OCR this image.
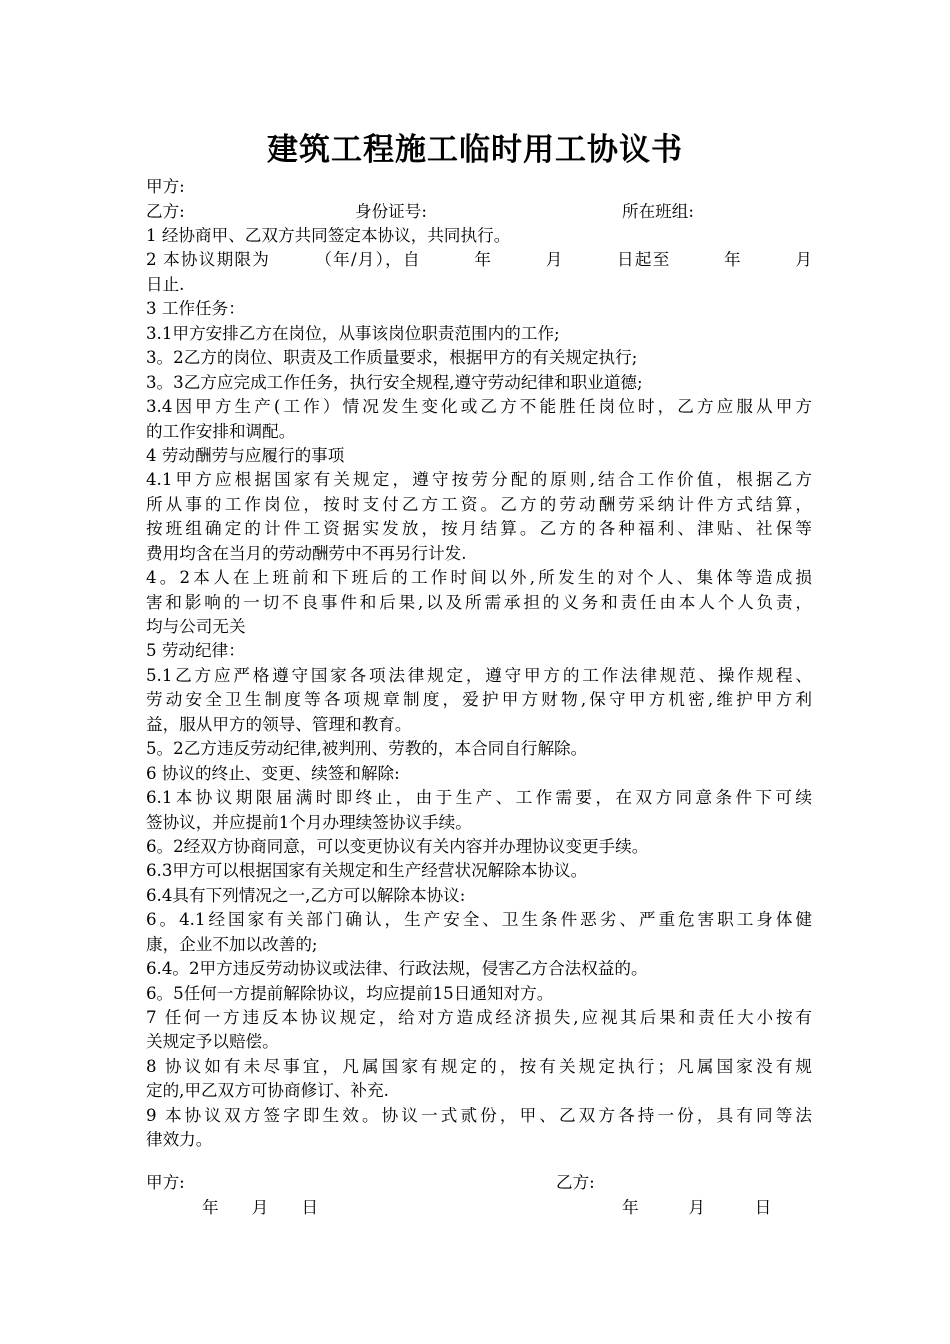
建筑工程施工临时用工协议书
甲方:
乙方:	身份证号:	所在班组:
1 经协商甲、乙双方共同签定本协议，共同执行。
2 本协议期限为　　　（年/月），自　　　年　　　月　　　日起至　　　年　　　月
日止.
3 工作任务：
3.1甲方安排乙方在岗位，从事该岗位职责范围内的工作;
3。2乙方的岗位、职责及工作质量要求，根据甲方的有关规定执行;
3。3乙方应完成工作任务，执行安全规程,遵守劳动纪律和职业道德;
3.4因甲方生产(工作）情况发生变化或乙方不能胜任岗位时，乙方应服从甲方
的工作安排和调配。
4 劳动酬劳与应履行的事项
4.1甲方应根据国家有关规定，遵守按劳分配的原则,结合工作价值，根据乙方
所从事的工作岗位，按时支付乙方工资。乙方的劳动酬劳采纳计件方式结算，
按班组确定的计件工资据实发放，按月结算。乙方的各种福利、津贴、社保等
费用均含在当月的劳动酬劳中不再另行计发.
4。2本人在上班前和下班后的工作时间以外,所发生的对个人、集体等造成损
害和影响的一切不良事件和后果,以及所需承担的义务和责任由本人个人负责，
均与公司无关
5 劳动纪律：
5.1乙方应严格遵守国家各项法律规定，遵守甲方的工作法律规范、操作规程、
劳动安全卫生制度等各项规章制度，爱护甲方财物,保守甲方机密,维护甲方利
益，服从甲方的领导、管理和教育。
5。2乙方违反劳动纪律,被判刑、劳教的，本合同自行解除。
6 协议的终止、变更、续签和解除:
6.1本协议期限届满时即终止，由于生产、工作需要，在双方同意条件下可续
签协议，并应提前1个月办理续签协议手续。
6。2经双方协商同意，可以变更协议有关内容并办理协议变更手续。
6.3甲方可以根据国家有关规定和生产经营状况解除本协议。
6.4具有下列情况之一,乙方可以解除本协议:
6。4.1经国家有关部门确认，生产安全、卫生条件恶劣、严重危害职工身体健
康，企业不加以改善的;
6.4。2甲方违反劳动协议或法律、行政法规，侵害乙方合法权益的。
6。5任何一方提前解除协议，均应提前15日通知对方。
7 任何一方违反本协议规定，给对方造成经济损失,应视其后果和责任大小按有
关规定予以赔偿。
8 协议如有未尽事宜，凡属国家有规定的，按有关规定执行；凡属国家没有规
定的,甲乙双方可协商修订、补充.
9 本协议双方签字即生效。协议一式贰份，甲、乙双方各持一份，具有同等法
律效力。
甲方:	乙方:
年　　月　　日	年　　　月　　　日
